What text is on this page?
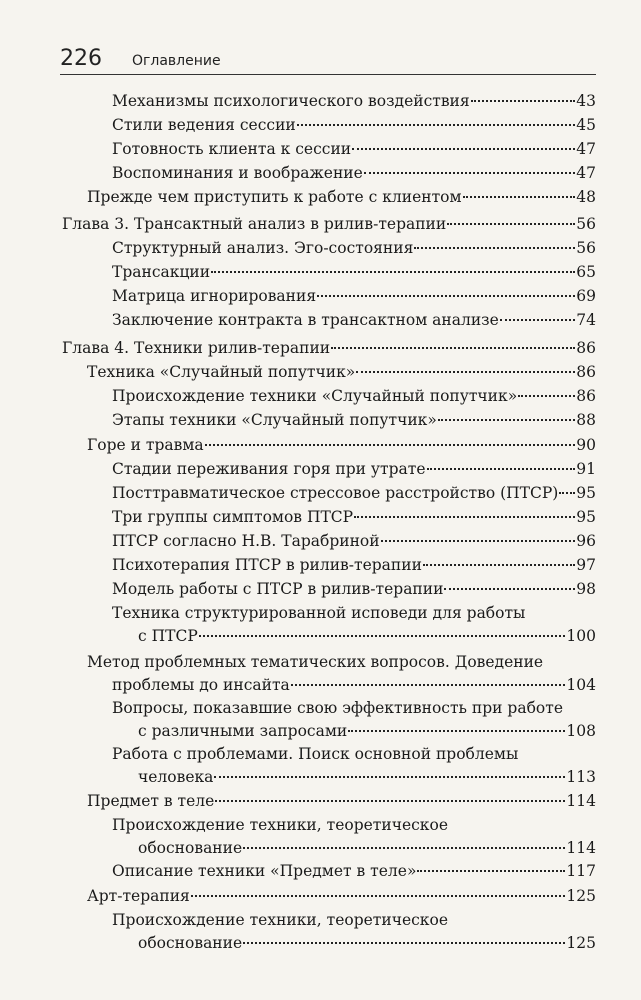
226 Оглавление
Механизмы психологического воздействия	43
Стили ведения сессии	45
Готовность клиента к сессии	47
Воспоминания и воображение	47
Прежде чем приступить к работе с клиентом	48
Глава 3. Трансактный анализ в рилив-терапии	56
Структурный анализ. Эго-состояния	56
Трансакции	65
Матрица игнорирования	69
Заключение контракта в трансактном анализе	74
Глава 4. Техники рилив-терапии	86
Техника «Случайный попутчик»	86
Происхождение техники «Случайный попутчик»	86
Этапы техники «Случайный попутчик»	88
Горе и травма	90
Стадии переживания горя при утрате	91
Посттравматическое стрессовое расстройство (ПТСР) 95
Три группы симптомов ПТСР	95
ПТСР согласно Н.В. Тарабриной	96
Психотерапия ПТСР в рилив-терапии	97
Модель работы с ПТСР в рилив-терапии	98
Техника структурированной исповеди для работы
с ПТСР	100
Метод проблемных тематических вопросов. Доведение
проблемы до инсайта	104
Вопросы, показавшие свою эффективность при работе
с различными запросами	108
Работа с проблемами. Поиск основной проблемы
человека	113
Предмет в теле	114
Происхождение техники, теоретическое
обоснование	114
Описание техники «Предмет в теле»	117
Арт-терапия	125
Происхождение техники, теоретическое
обоснование	125
